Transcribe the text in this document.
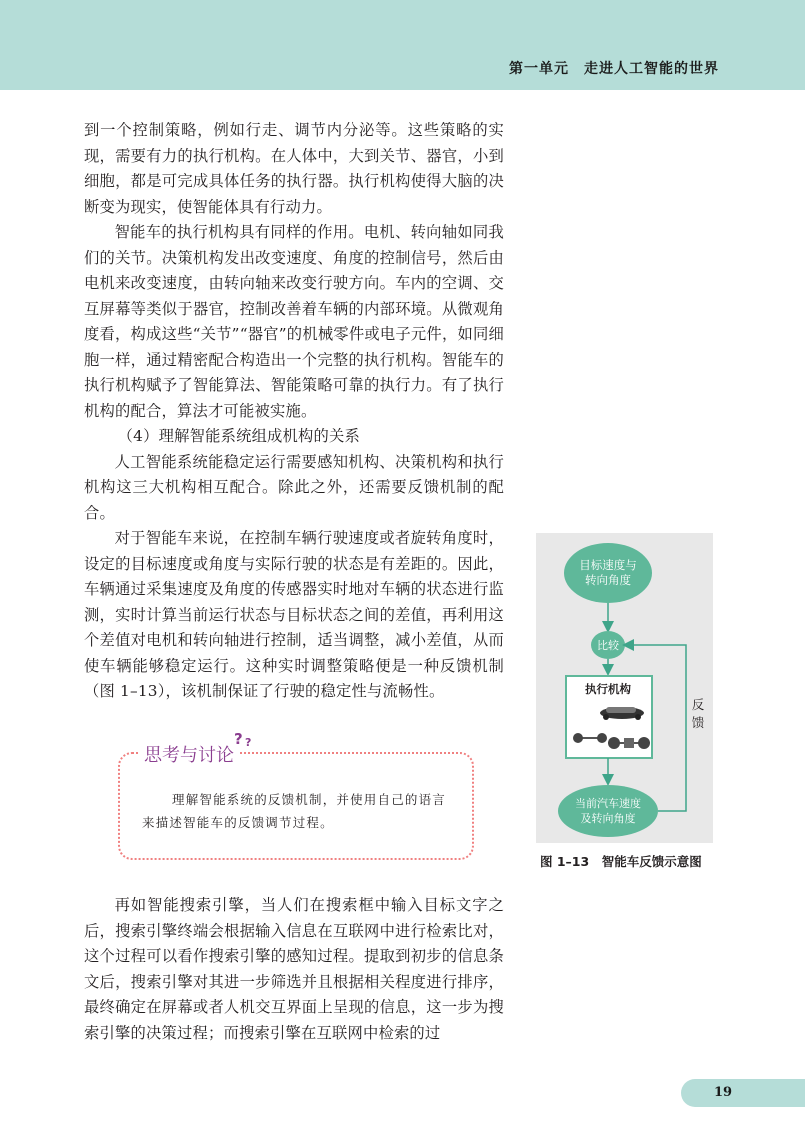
第一单元　走进人工智能的世界

到一个控制策略，例如行走、调节内分泌等。这些策略的实现，需要有力的执行机构。在人体中，大到关节、器官，小到细胞，都是可完成具体任务的执行器。执行机构使得大脑的决断变为现实，使智能体具有行动力。

智能车的执行机构具有同样的作用。电机、转向轴如同我们的关节。决策机构发出改变速度、角度的控制信号，然后由电机来改变速度，由转向轴来改变行驶方向。车内的空调、交互屏幕等类似于器官，控制改善着车辆的内部环境。从微观角度看，构成这些“关节”“器官”的机械零件或电子元件，如同细胞一样，通过精密配合构造出一个完整的执行机构。智能车的执行机构赋予了智能算法、智能策略可靠的执行力。有了执行机构的配合，算法才可能被实施。

（4）理解智能系统组成机构的关系

人工智能系统能稳定运行需要感知机构、决策机构和执行机构这三大机构相互配合。除此之外，还需要反馈机制的配合。

对于智能车来说，在控制车辆行驶速度或者旋转角度时，设定的目标速度或角度与实际行驶的状态是有差距的。因此，车辆通过采集速度及角度的传感器实时地对车辆的状态进行监测，实时计算当前运行状态与目标状态之间的差值，再利用这个差值对电机和转向轴进行控制，适当调整，减小差值，从而使车辆能够稳定运行。这种实时调整策略便是一种反馈机制（图 1–13），该机制保证了行驶的稳定性与流畅性。

思考与讨论
? ?

理解智能系统的反馈机制，并使用自己的语言来描述智能车的反馈调节过程。

目标速度与
转向角度
比较
执行机构
当前汽车速度
及转向角度
反
馈
图 1–13　智能车反馈示意图

再如智能搜索引擎，当人们在搜索框中输入目标文字之后，搜索引擎终端会根据输入信息在互联网中进行检索比对，这个过程可以看作搜索引擎的感知过程。提取到初步的信息条文后，搜索引擎对其进一步筛选并且根据相关程度进行排序，最终确定在屏幕或者人机交互界面上呈现的信息，这一步为搜索引擎的决策过程；而搜索引擎在互联网中检索的过

19
